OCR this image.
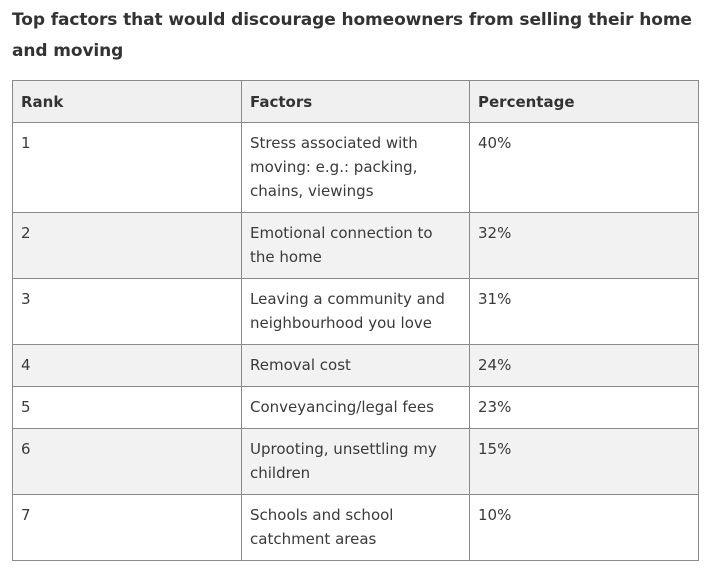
Top factors that would discourage homeowners from selling their home and moving
Rank	Factors	Percentage
1	Stress associated with moving: e.g.: packing, chains, viewings	40%
2	Emotional connection to the home	32%
3	Leaving a community and neighbourhood you love	31%
4	Removal cost	24%
5	Conveyancing/legal fees	23%
6	Uprooting, unsettling my children	15%
7	Schools and school catchment areas	10%
